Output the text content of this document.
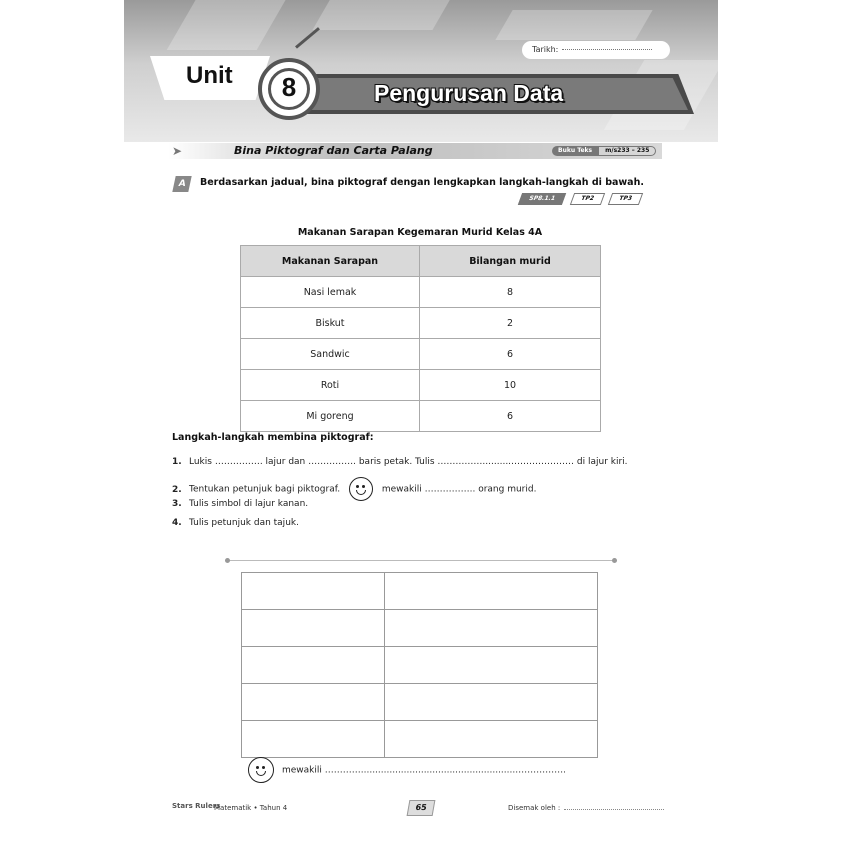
Tarikh:
Unit
Pengurusan Data
8
➤	Bina Piktograf dan Carta Palang	Buku Teks m/s233 – 235
A	Berdasarkan jadual, bina piktograf dengan lengkapkan langkah-langkah di bawah.
SP8.1.1	TP2	TP3
Makanan Sarapan Kegemaran Murid Kelas 4A
Makanan Sarapan	Bilangan murid
Nasi lemak	8
Biskut	2
Sandwic	6
Roti	10
Mi goreng	6
Langkah-langkah membina piktograf:
1. Lukis ……………. lajur dan ……………. baris petak. Tulis ……………..........………………… di lajur kiri.
2. Tentukan petunjuk bagi piktograf.	mewakili …………….. orang murid.
3. Tulis simbol di lajur kanan.
4. Tulis petunjuk dan tajuk.

mewakili ………….......................................................…………….
Stars Rulers
Matematik • Tahun 4	65	Disemak oleh :
